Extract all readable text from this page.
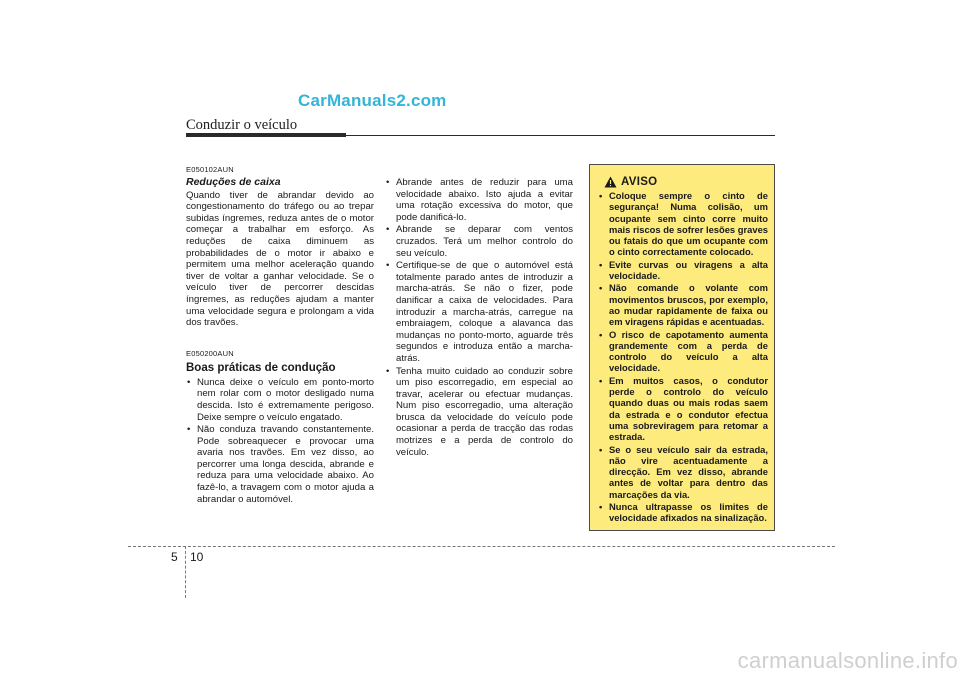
CarManuals2.com
Conduzir o veículo
E050102AUN
Reduções de caixa

Quando tiver de abrandar devido ao congestionamento do tráfego ou ao trepar subidas íngremes, reduza antes de o motor começar a trabalhar em esforço. As reduções de caixa diminuem as probabilidades de o motor ir abaixo e permitem uma melhor aceleração quando tiver de voltar a ganhar velocidade. Se o veículo tiver de percorrer descidas íngremes, as reduções ajudam a manter uma velocidade segura e prolongam a vida dos travões.

E050200AUN
Boas práticas de condução
• Nunca deixe o veículo em ponto-morto nem rolar com o motor desligado numa descida. Isto é extremamente perigoso. Deixe sempre o veículo engatado.
• Não conduza travando constantemente. Pode sobreaquecer e provocar uma avaria nos travões. Em vez disso, ao percorrer uma longa descida, abrande e reduza para uma velocidade abaixo. Ao fazê-lo, a travagem com o motor ajuda a abrandar o automóvel.
• Abrande antes de reduzir para uma velocidade abaixo. Isto ajuda a evitar uma rotação excessiva do motor, que pode danificá-lo.
• Abrande se deparar com ventos cruzados. Terá um melhor controlo do seu veículo.
• Certifique-se de que o automóvel está totalmente parado antes de introduzir a marcha-atrás. Se não o fizer, pode danificar a caixa de velocidades. Para introduzir a marcha-atrás, carregue na embraiagem, coloque a alavanca das mudanças no ponto-morto, aguarde três segundos e introduza então a marcha-atrás.
• Tenha muito cuidado ao conduzir sobre um piso escorregadio, em especial ao travar, acelerar ou efectuar mudanças. Num piso escorregadio, uma alteração brusca da velocidade do veículo pode ocasionar a perda de tracção das rodas motrizes e a perda de controlo do veículo.
AVISO
• Coloque sempre o cinto de segurança! Numa colisão, um ocupante sem cinto corre muito mais riscos de sofrer lesões graves ou fatais do que um ocupante com o cinto correctamente colocado.
• Evite curvas ou viragens a alta velocidade.
• Não comande o volante com movimentos bruscos, por exemplo, ao mudar rapidamente de faixa ou em viragens rápidas e acentuadas.
• O risco de capotamento aumenta grandemente com a perda de controlo do veículo a alta velocidade.
• Em muitos casos, o condutor perde o controlo do veículo quando duas ou mais rodas saem da estrada e o condutor efectua uma sobreviragem para retomar a estrada.
• Se o seu veículo sair da estrada, não vire acentuadamente a direcção. Em vez disso, abrande antes de voltar para dentro das marcações da via.
• Nunca ultrapasse os limites de velocidade afixados na sinalização.
5 10
carmanualsonline.info
